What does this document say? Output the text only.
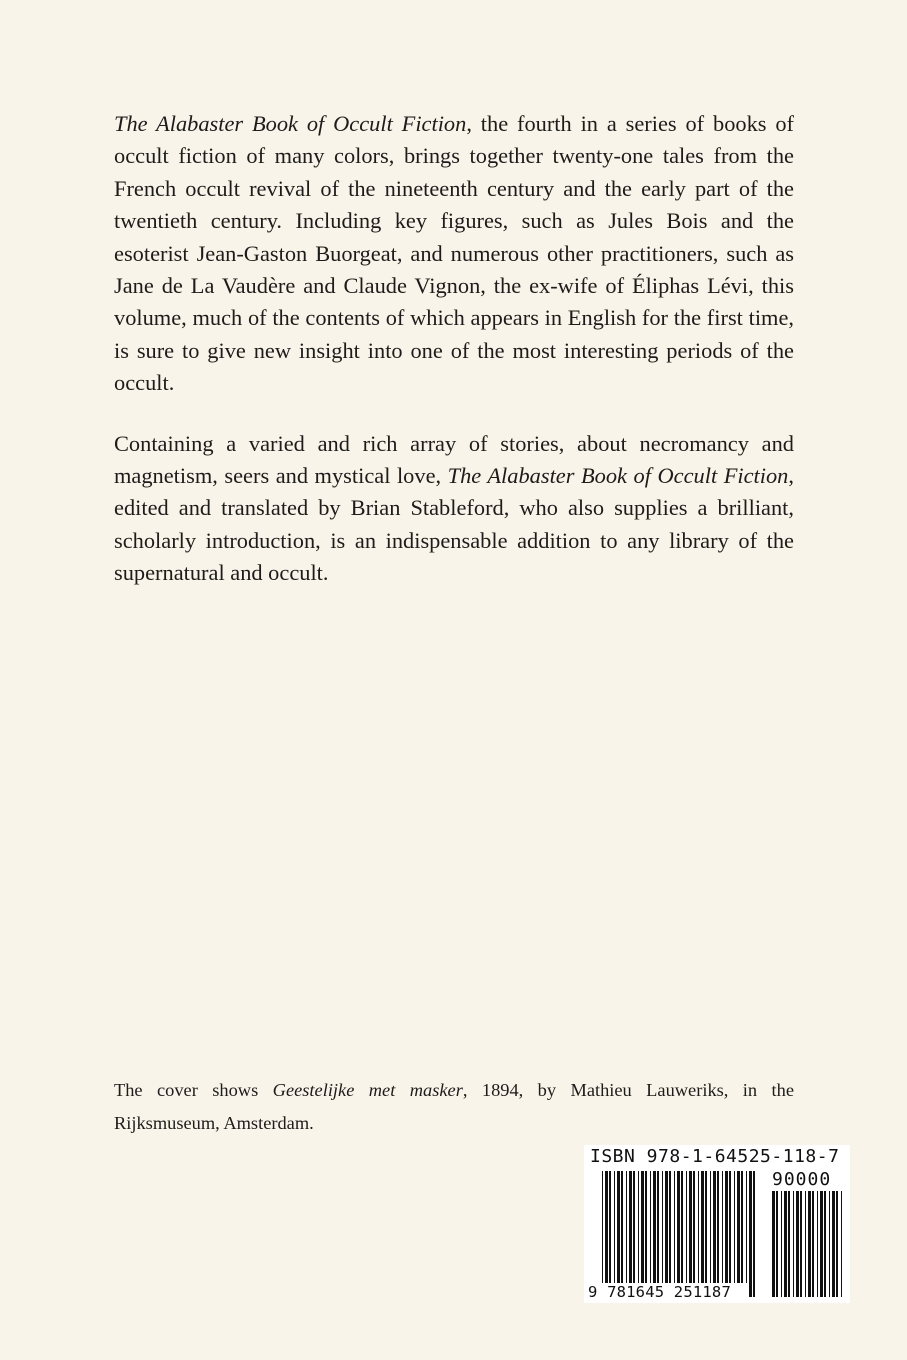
The Alabaster Book of Occult Fiction, the fourth in a series of books of occult fiction of many colors, brings together twenty-one tales from the French occult revival of the nineteenth century and the early part of the twentieth century. Including key figures, such as Jules Bois and the esoterist Jean-Gaston Buorgeat, and numerous other practitioners, such as Jane de La Vaudère and Claude Vignon, the ex-wife of Éliphas Lévi, this volume, much of the contents of which appears in English for the first time, is sure to give new insight into one of the most interesting periods of the occult.

Containing a varied and rich array of stories, about necromancy and magnetism, seers and mystical love, The Alabaster Book of Occult Fiction, edited and translated by Brian Stableford, who also supplies a brilliant, scholarly introduction, is an indispensable addition to any library of the supernatural and occult.

The cover shows Geestelijke met masker, 1894, by Mathieu Lauweriks, in the Rijksmuseum, Amsterdam.
ISBN 978-1-64525-118-7
90000
9 781645 251187
